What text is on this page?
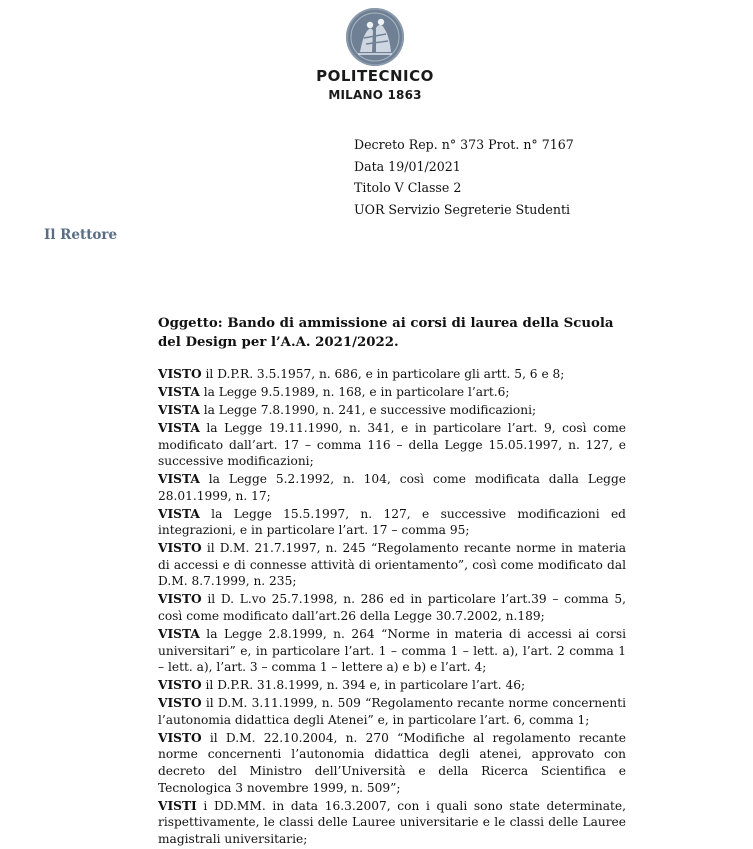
POLITECNICO
MILANO 1863
Decreto Rep. n° 373 Prot. n° 7167
Data 19/01/2021
Titolo V Classe 2
UOR Servizio Segreterie Studenti
Il Rettore
Oggetto: Bando di ammissione ai corsi di laurea della Scuola del Design per l’A.A. 2021/2022.

VISTO il D.P.R. 3.5.1957, n. 686, e in particolare gli artt. 5, 6 e 8;

VISTA la Legge 9.5.1989, n. 168, e in particolare l’art.6;

VISTA la Legge 7.8.1990, n. 241, e successive modificazioni;

VISTA la Legge 19.11.1990, n. 341, e in particolare l’art. 9, così come modificato dall’art. 17 – comma 116 – della Legge 15.05.1997, n. 127, e successive modificazioni;

VISTA la Legge 5.2.1992, n. 104, così come modificata dalla Legge 28.01.1999, n. 17;

VISTA la Legge 15.5.1997, n. 127, e successive modificazioni ed integrazioni, e in particolare l’art. 17 – comma 95;

VISTO il D.M. 21.7.1997, n. 245 “Regolamento recante norme in materia di accessi e di connesse attività di orientamento”, così come modificato dal D.M. 8.7.1999, n. 235;

VISTO il D. L.vo 25.7.1998, n. 286 ed in particolare l’art.39 – comma 5, così come modificato dall’art.26 della Legge 30.7.2002, n.189;

VISTA la Legge 2.8.1999, n. 264 “Norme in materia di accessi ai corsi universitari” e, in particolare l’art. 1 – comma 1 – lett. a), l’art. 2 comma 1 – lett. a), l’art. 3 – comma 1 – lettere a) e b) e l’art. 4;

VISTO il D.P.R. 31.8.1999, n. 394 e, in particolare l’art. 46;

VISTO il D.M. 3.11.1999, n. 509 “Regolamento recante norme concernenti l’autonomia didattica degli Atenei” e, in particolare l’art. 6, comma 1;

VISTO il D.M. 22.10.2004, n. 270 “Modifiche al regolamento recante norme concernenti l’autonomia didattica degli atenei, approvato con decreto del Ministro dell’Università e della Ricerca Scientifica e Tecnologica 3 novembre 1999, n. 509”;

VISTI i DD.MM. in data 16.3.2007, con i quali sono state determinate, rispettivamente, le classi delle Lauree universitarie e le classi delle Lauree magistrali universitarie;
